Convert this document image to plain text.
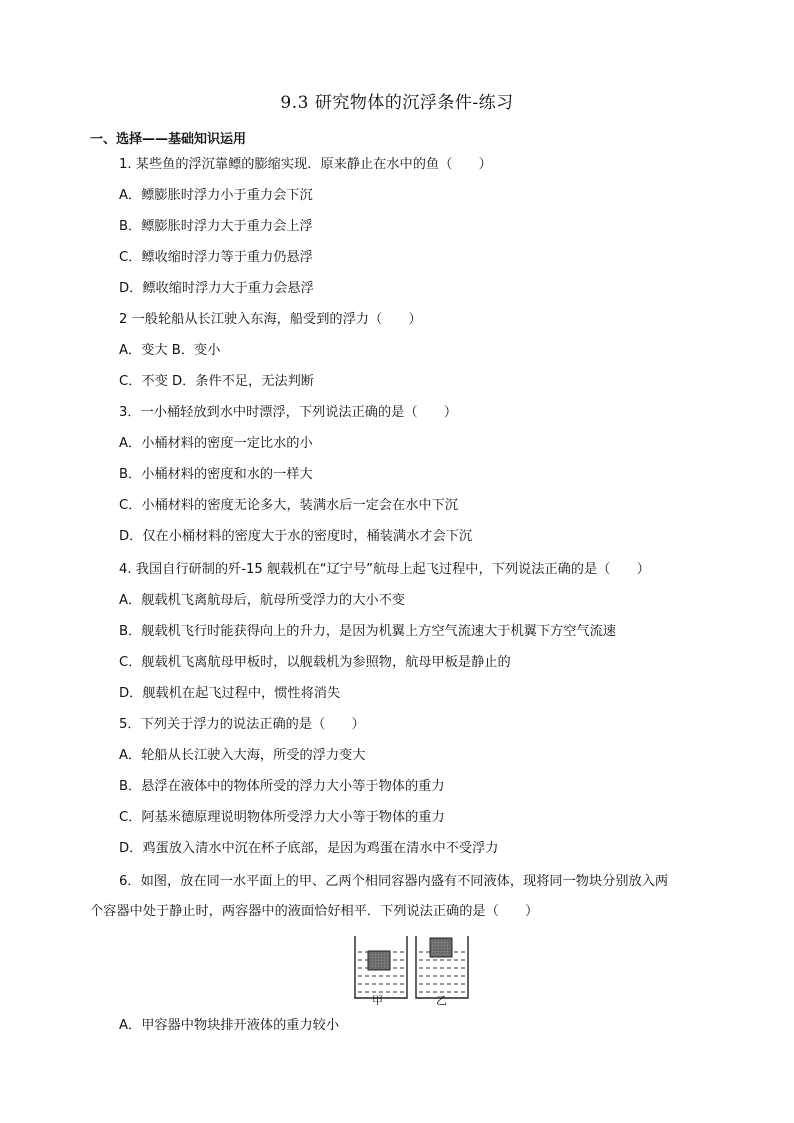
9.3 研究物体的沉浮条件-练习
一、选择——基础知识运用
1. 某些鱼的浮沉靠鳔的膨缩实现．原来静止在水中的鱼（　　）
A．鳔膨胀时浮力小于重力会下沉
B．鳔膨胀时浮力大于重力会上浮
C．鳔收缩时浮力等于重力仍悬浮
D．鳔收缩时浮力大于重力会悬浮
2 一般轮船从长江驶入东海，船受到的浮力（　　）
A．变大 B．变小
C．不变 D．条件不足，无法判断
3．一小桶轻放到水中时漂浮，下列说法正确的是（　　）
A．小桶材料的密度一定比水的小
B．小桶材料的密度和水的一样大
C．小桶材料的密度无论多大，装满水后一定会在水中下沉
D．仅在小桶材料的密度大于水的密度时，桶装满水才会下沉
4. 我国自行研制的歼-15 舰载机在“辽宁号”航母上起飞过程中，下列说法正确的是（　　）
A．舰载机飞离航母后，航母所受浮力的大小不变
B．舰载机飞行时能获得向上的升力，是因为机翼上方空气流速大于机翼下方空气流速
C．舰载机飞离航母甲板时，以舰载机为参照物，航母甲板是静止的
D．舰载机在起飞过程中，惯性将消失
5．下列关于浮力的说法正确的是（　　）
A．轮船从长江驶入大海，所受的浮力变大
B．悬浮在液体中的物体所受的浮力大小等于物体的重力
C．阿基米德原理说明物体所受浮力大小等于物体的重力
D．鸡蛋放入清水中沉在杯子底部，是因为鸡蛋在清水中不受浮力
6．如图，放在同一水平面上的甲、乙两个相同容器内盛有不同液体，现将同一物块分别放入两
个容器中处于静止时，两容器中的液面恰好相平．下列说法正确的是（　　）
甲	乙
A．甲容器中物块排开液体的重力较小
